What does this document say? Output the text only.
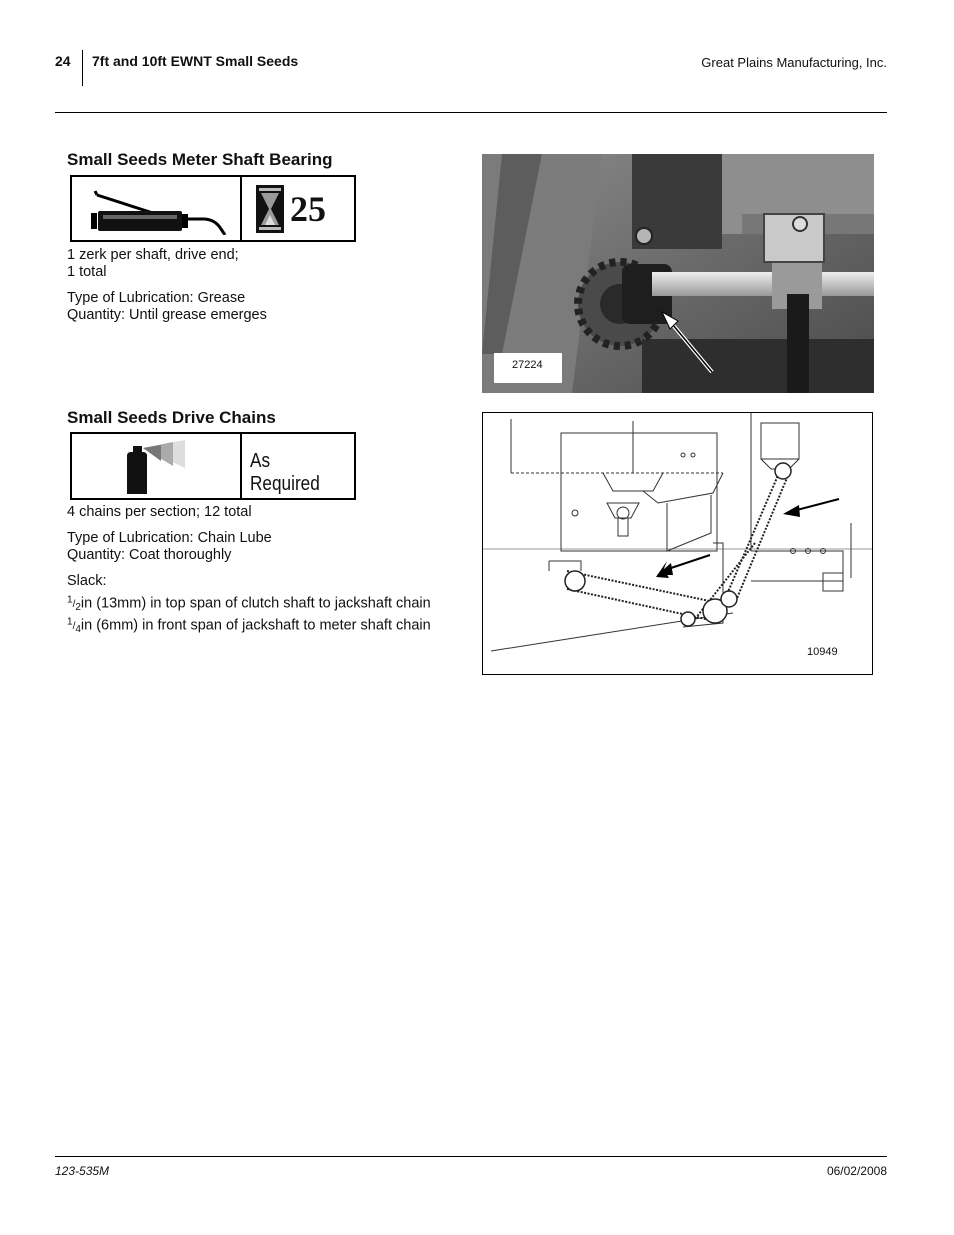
24 7ft and 10ft EWNT Small Seeds	Great Plains Manufacturing, Inc.
Small Seeds Meter Shaft Bearing
25
1 zerk per shaft, drive end;
1 total
Type of Lubrication: Grease
Quantity: Until grease emerges
Small Seeds Drive Chains
As Required
4 chains per section; 12 total
Type of Lubrication: Chain Lube
Quantity: Coat thoroughly
Slack:
$^1/_2in$ (13mm) in top span of clutch shaft to jackshaft chain
$^1/_4in$ (6mm) in front span of jackshaft to meter shaft chain
27224
10949
123-535M	06/02/2008
